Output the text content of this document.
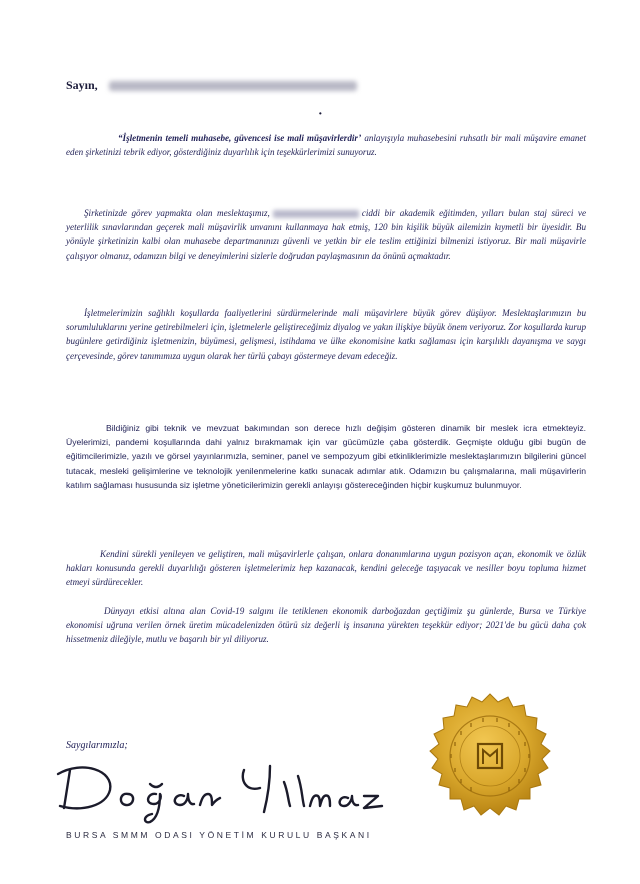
Sayın,
·

“İşletmenin temeli muhasebe, güvencesi ise mali müşavirlerdir’ anlayışıyla muhasebesini ruhsatlı bir mali müşavire emanet eden şirketinizi tebrik ediyor, gösterdiğiniz duyarlılık için teşekkürlerimizi sunuyoruz.

Şirketinizde görev yapmakta olan meslektaşımız,	ciddi bir akademik eğitimden, yılları bulan staj süreci ve yeterlilik sınavlarından geçerek mali müşavirlik unvanını kullanmaya hak etmiş, 120 bin kişilik büyük ailemizin kıymetli bir üyesidir. Bu yönüyle şirketinizin kalbi olan muhasebe departmanınızı güvenli ve yetkin bir ele teslim ettiğinizi bilmenizi istiyoruz. Bir mali müşavirle çalışıyor olmanız, odamızın bilgi ve deneyimlerini sizlerle doğrudan paylaşmasının da önünü açmaktadır.

İşletmelerimizin sağlıklı koşullarda faaliyetlerini sürdürmelerinde mali müşavirlere büyük görev düşüyor. Meslektaşlarımızın bu sorumluluklarını yerine getirebilmeleri için, işletmelerle geliştireceğimiz diyalog ve yakın ilişkiye büyük önem veriyoruz. Zor koşullarda kurup bugünlere getirdiğiniz işletmenizin, büyümesi, gelişmesi, istihdama ve ülke ekonomisine katkı sağlaması için karşılıklı dayanışma ve saygı çerçevesinde, görev tanımımıza uygun olarak her türlü çabayı göstermeye devam edeceğiz.

Bildiğiniz gibi teknik ve mevzuat bakımından son derece hızlı değişim gösteren dinamik bir meslek icra etmekteyiz. Üyelerimizi, pandemi koşullarında dahi yalnız bırakmamak için var gücümüzle çaba gösterdik. Geçmişte olduğu gibi bugün de eğitimcilerimizle, yazılı ve görsel yayınlarımızla, seminer, panel ve sempozyum gibi etkinliklerimizle meslektaşlarımızın bilgilerini güncel tutacak, mesleki gelişimlerine ve teknolojik yenilenmelerine katkı sunacak adımlar atık. Odamızın bu çalışmalarına, mali müşavirlerin katılım sağlaması hususunda siz işletme yöneticilerimizin gerekli anlayışı göstereceğinden hiçbir kuşkumuz bulunmuyor.

Kendini sürekli yenileyen ve geliştiren, mali müşavirlerle çalışan, onlara donanımlarına uygun pozisyon açan, ekonomik ve özlük hakları konusunda gerekli duyarlılığı gösteren işletmelerimiz hep kazanacak, kendini geleceğe taşıyacak ve nesiller boyu topluma hizmet etmeyi sürdürecekler.

Dünyayı etkisi altına alan Covid-19 salgını ile tetiklenen ekonomik darboğazdan geçtiğimiz şu günlerde, Bursa ve Türkiye ekonomisi uğruna verilen örnek üretim mücadelenizden ötürü siz değerli iş insanına yürekten teşekkür ediyor; 2021'de bu gücü daha çok hissetmeniz dileğiyle, mutlu ve başarılı bir yıl diliyoruz.

Saygılarımızla;
BURSA SMMM ODASI YÖNETİM KURULU BAŞKANI
